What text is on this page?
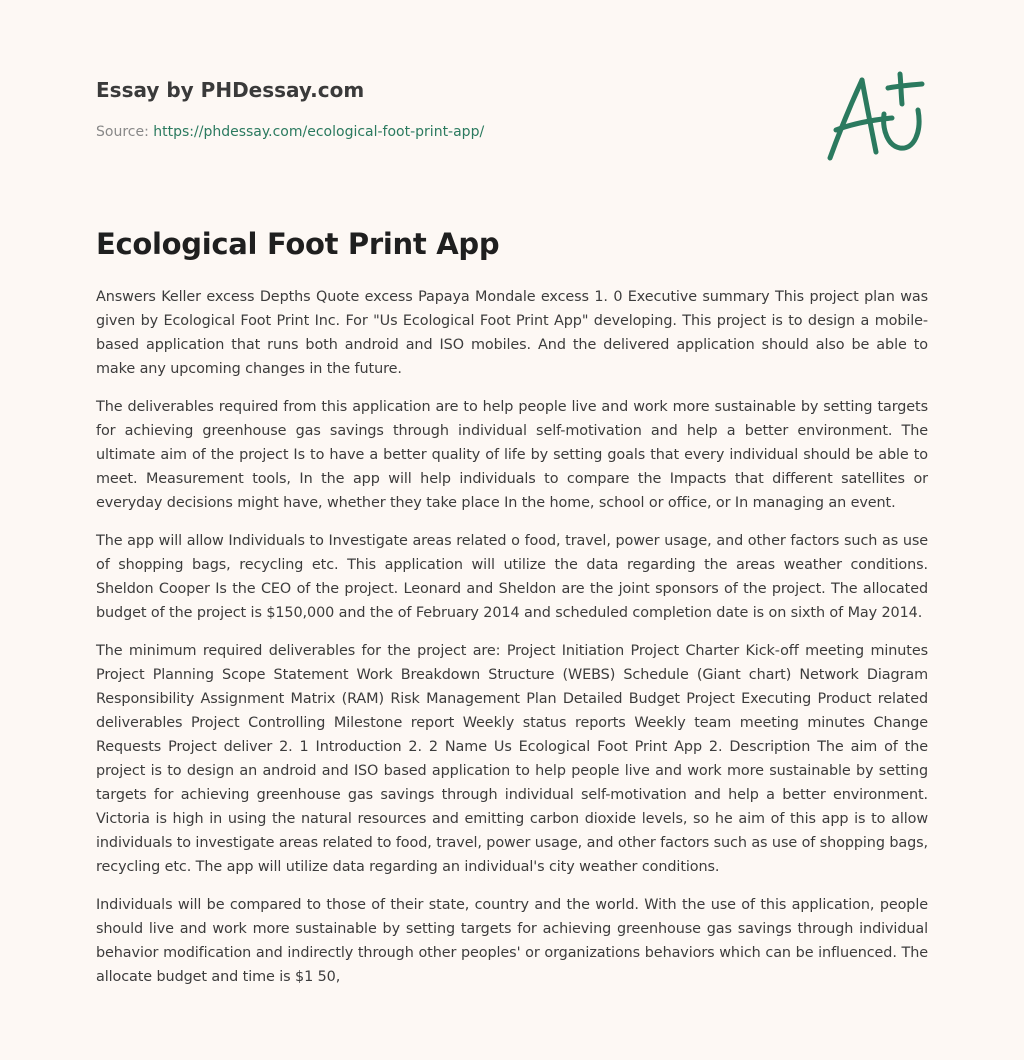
Essay by PHDessay.com
Source: https://phdessay.com/ecological-foot-print-app/
Ecological Foot Print App

Answers Keller excess Depths Quote excess Papaya Mondale excess 1. 0 Executive summary This project plan was given by Ecological Foot Print Inc. For "Us Ecological Foot Print App" developing. This project is to design a mobile-based application that runs both android and ISO mobiles. And the delivered application should also be able to make any upcoming changes in the future.

The deliverables required from this application are to help people live and work more sustainable by setting targets for achieving greenhouse gas savings through individual self-motivation and help a better environment. The ultimate aim of the project Is to have a better quality of life by setting goals that every individual should be able to meet. Measurement tools, In the app will help individuals to compare the Impacts that different satellites or everyday decisions might have, whether they take place In the home, school or office, or In managing an event.

The app will allow Individuals to Investigate areas related o food, travel, power usage, and other factors such as use of shopping bags, recycling etc. This application will utilize the data regarding the areas weather conditions. Sheldon Cooper Is the CEO of the project. Leonard and Sheldon are the joint sponsors of the project. The allocated budget of the project is $150,000 and the of February 2014 and scheduled completion date is on sixth of May 2014.

The minimum required deliverables for the project are: Project Initiation Project Charter Kick-off meeting minutes Project Planning Scope Statement Work Breakdown Structure (WEBS) Schedule (Giant chart) Network Diagram Responsibility Assignment Matrix (RAM) Risk Management Plan Detailed Budget Project Executing Product related deliverables Project Controlling Milestone report Weekly status reports Weekly team meeting minutes Change Requests Project deliver 2. 1 Introduction 2. 2 Name Us Ecological Foot Print App 2. Description The aim of the project is to design an android and ISO based application to help people live and work more sustainable by setting targets for achieving greenhouse gas savings through individual self-motivation and help a better environment. Victoria is high in using the natural resources and emitting carbon dioxide levels, so he aim of this app is to allow individuals to investigate areas related to food, travel, power usage, and other factors such as use of shopping bags, recycling etc. The app will utilize data regarding an individual's city weather conditions.

Individuals will be compared to those of their state, country and the world. With the use of this application, people should live and work more sustainable by setting targets for achieving greenhouse gas savings through individual behavior modification and indirectly through other peoples' or organizations behaviors which can be influenced. The allocate budget and time is $1 50,
